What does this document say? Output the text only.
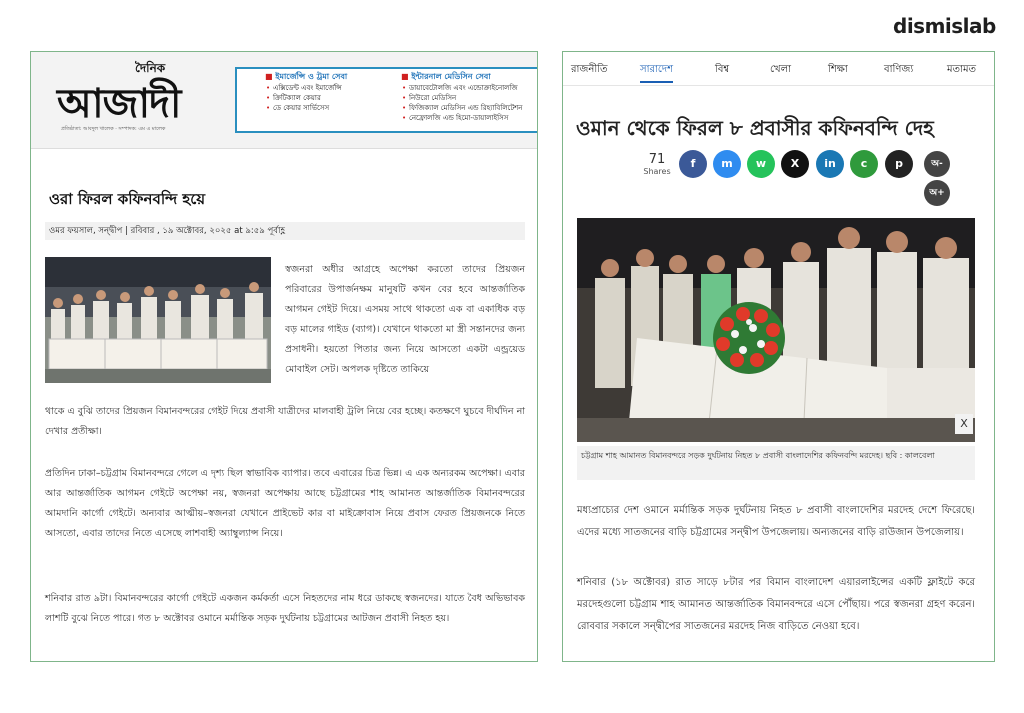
dismislab
দৈনিক
আজাদী
প্রতিষ্ঠাতা: আবদুল খালেক · সম্পাদক: এম এ মালেক
■ ইমার্জেন্সি ও ট্রমা সেবা
• এক্সিডেন্ট এবং ইমার্জেন্সি
• ক্রিটিক্যাল কেয়ার
• ডে কেয়ার সার্ভিসেস
■ ইন্টারনাল মেডিসিন সেবা
• ডায়াবেটোলজি এবং এন্ডোক্রাইনোলজি
• নিউরো মেডিসিন
• ফিজিক্যাল মেডিসিন এন্ড রিহ্যাবিলিটেশন
• নেফ্রোলজি এন্ড হিমো-ডায়ালাইসিস
ওরা ফিরল কফিনবন্দি হয়ে
ওমর ফয়সাল, সন্দ্বীপ | রবিবার , ১৯ অক্টোবর, ২০২৫ at ৯:৫৯ পূর্বাহ্ণ
স্বজনরা অধীর আগ্রহে অপেক্ষা করতো তাদের প্রিয়জন পরিবারের উপার্জনক্ষম মানুষটি কখন বের হবে আন্তর্জাতিক আগমন গেইট দিয়ে। এসময় সাথে থাকতো এক বা একাধিক বড় বড় মালের গাইড (ব্যাগ)। যেখানে থাকতো মা স্ত্রী সন্তানদের জন্য প্রসাধনী। হয়তো পিতার জন্য নিয়ে আসতো একটা এন্ড্রয়েড মোবাইল সেট। অপলক দৃষ্টিতে তাকিয়ে
থাকে এ বুঝি তাদের প্রিয়জন বিমানবন্দরের গেইট দিয়ে প্রবাসী যাত্রীদের মালবাহী ট্রলি নিয়ে বের হচ্ছে। কতক্ষণে ঘুচবে দীর্ঘদিন না দেখার প্রতীক্ষা।
প্রতিদিন ঢাকা–চট্টগ্রাম বিমানবন্দরে গেলে এ দৃশ্য ছিল স্বাভাবিক ব্যাপার। তবে এবারের চিত্র ভিন্ন। এ এক অন্যরকম অপেক্ষা। এবার আর আন্তর্জাতিক আগমন গেইটে অপেক্ষা নয়, স্বজনরা অপেক্ষায় আছে চট্টগ্রামের শাহ আমানত আন্তর্জাতিক বিমানবন্দরের আমদানি কার্গো গেইটে। অন্যবার আত্মীয়–স্বজনরা যেখানে প্রাইভেট কার বা মাইক্রোবাস নিয়ে প্রবাস ফেরত প্রিয়জনকে নিতে আসতো, এবার তাদের নিতে এসেছে লাশবাহী অ্যাম্বুল্যান্স নিয়ে।
শনিবার রাত ৯টা। বিমানবন্দরের কার্গো গেইটে একজন কর্মকর্তা এসে নিহতদের নাম ধরে ডাকছে স্বজনদের। যাতে বৈধ অভিভাবক লাশটি বুঝে নিতে পারে। গত ৮ অক্টোবর ওমানে মর্মান্তিক সড়ক দুর্ঘটনায় চট্টগ্রামের আটজন প্রবাসী নিহত হয়।
রাজনীতি	সারাদেশ	বিশ্ব	খেলা	শিক্ষা	বাণিজ্য	মতামত
ওমান থেকে ফিরল ৮ প্রবাসীর কফিনবন্দি দেহ
71
Shares
f	m	w	X	in	c	p	অ-
অ+
X
চট্টগ্রাম শাহ আমানত বিমানবন্দরে সড়ক দুর্ঘটনায় নিহত ৮ প্রবাসী বাংলাদেশির কফিনবন্দি মরদেহ। ছবি : কালবেলা
মধ্যপ্রাচ্যের দেশ ওমানে মর্মান্তিক সড়ক দুর্ঘটনায় নিহত ৮ প্রবাসী বাংলাদেশির মরদেহ দেশে ফিরেছে। এদের মধ্যে সাতজনের বাড়ি চট্টগ্রামের সন্দ্বীপ উপজেলায়। অন্যজনের বাড়ি রাউজান উপজেলায়।
শনিবার (১৮ অক্টোবর) রাত সাড়ে ৮টার পর বিমান বাংলাদেশ এয়ারলাইন্সের একটি ফ্লাইটে করে মরদেহগুলো চট্টগ্রাম শাহ আমানত আন্তর্জাতিক বিমানবন্দরে এসে পৌঁছায়। পরে স্বজনরা গ্রহণ করেন। রোববার সকালে সন্দ্বীপের সাতজনের মরদেহ নিজ বাড়িতে নেওয়া হবে।
